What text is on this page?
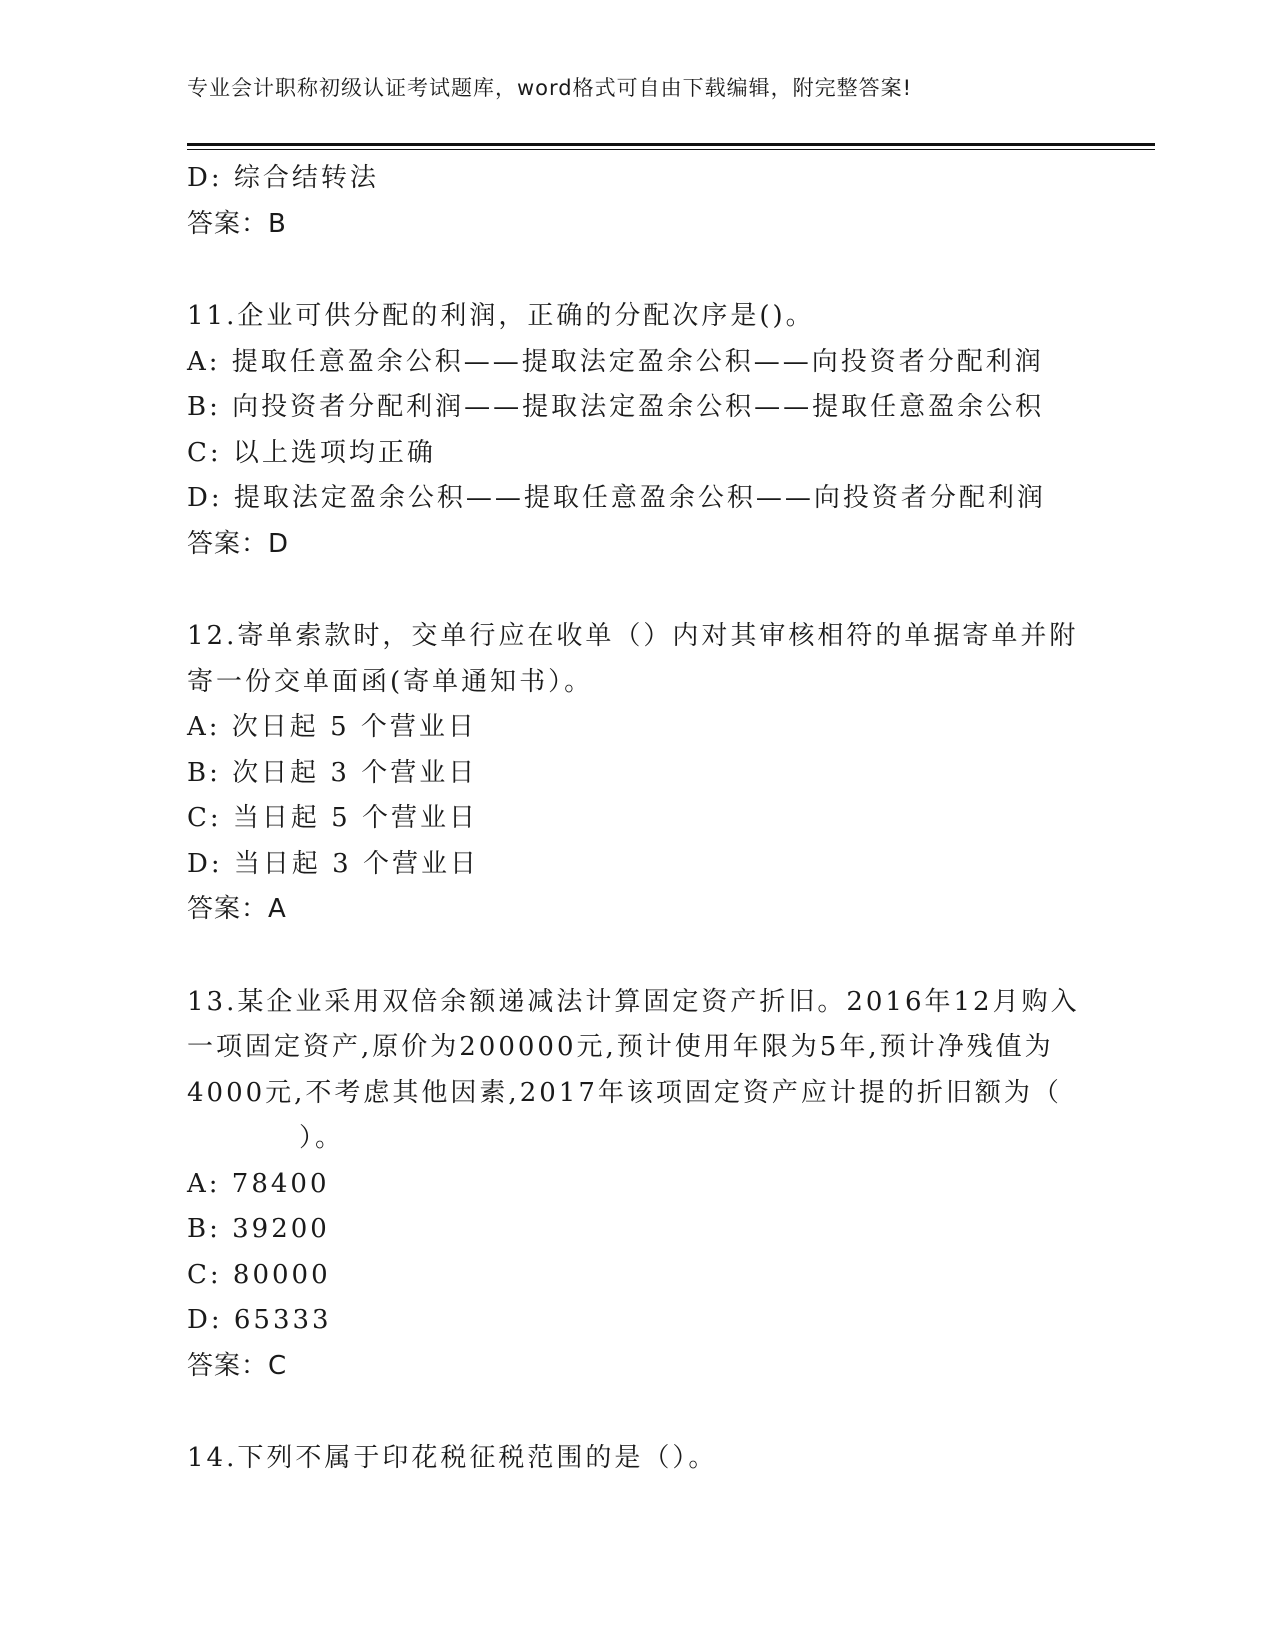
专业会计职称初级认证考试题库，word格式可自由下载编辑，附完整答案!
D: 综合结转法
答案：B
11.企业可供分配的利润，正确的分配次序是()。
A: 提取任意盈余公积——提取法定盈余公积——向投资者分配利润
B: 向投资者分配利润——提取法定盈余公积——提取任意盈余公积
C: 以上选项均正确
D: 提取法定盈余公积——提取任意盈余公积——向投资者分配利润
答案：D
12.寄单索款时，交单行应在收单（）内对其审核相符的单据寄单并附
寄一份交单面函(寄单通知书）。
A: 次日起 5 个营业日
B: 次日起 3 个营业日
C: 当日起 5 个营业日
D: 当日起 3 个营业日
答案：A
13.某企业采用双倍余额递减法计算固定资产折旧。2016年12月购入
一项固定资产,原价为200000元,预计使用年限为5年,预计净残值为
4000元,不考虑其他因素,2017年该项固定资产应计提的折旧额为（
）。
A: 78400
B: 39200
C: 80000
D: 65333
答案：C
14.下列不属于印花税征税范围的是（）。
